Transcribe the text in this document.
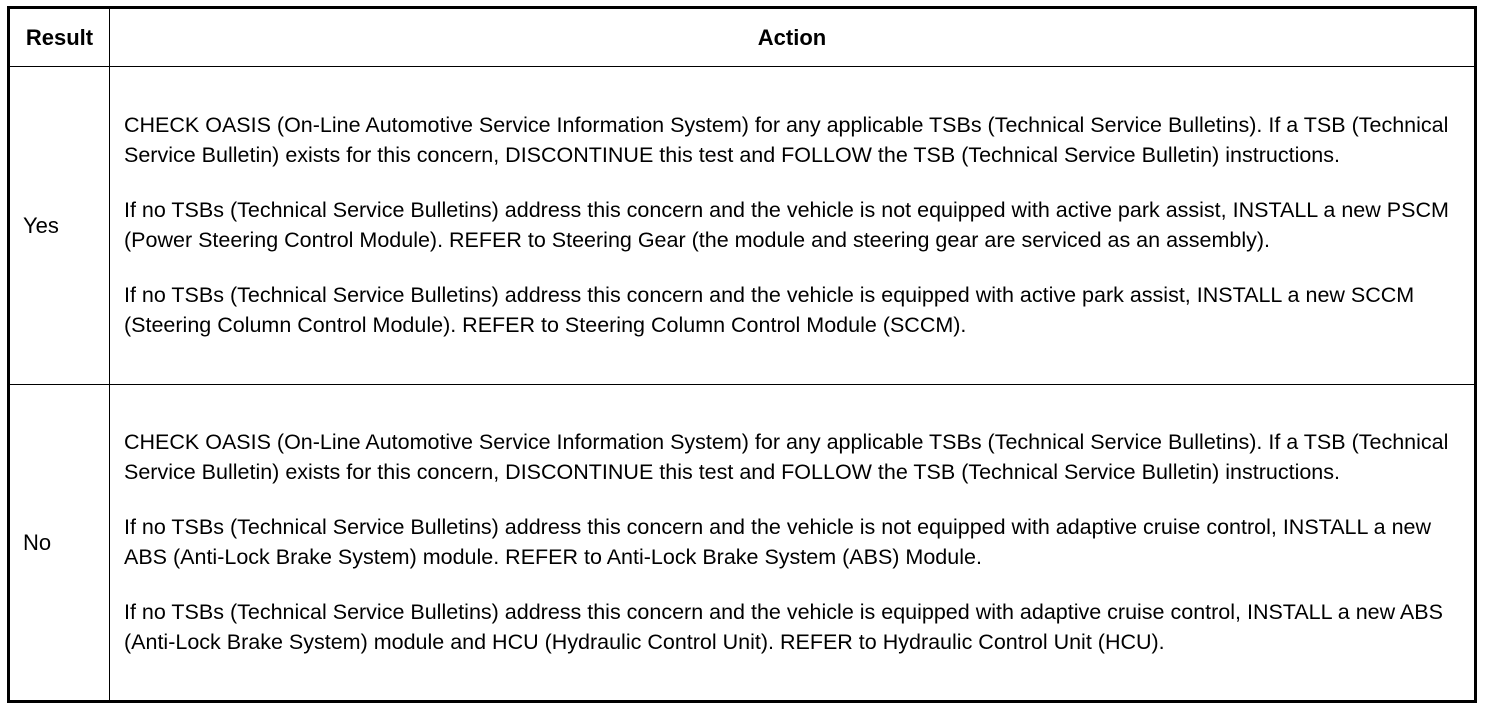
Result	Action
Yes	CHECK OASIS (On-Line Automotive Service Information System) for any applicable TSBs (Technical Service Bulletins). If a TSB (Technical Service Bulletin) exists for this concern, DISCONTINUE this test and FOLLOW the TSB (Technical Service Bulletin) instructions.

If no TSBs (Technical Service Bulletins) address this concern and the vehicle is not equipped with active park assist, INSTALL a new PSCM (Power Steering Control Module). REFER to Steering Gear (the module and steering gear are serviced as an assembly).

If no TSBs (Technical Service Bulletins) address this concern and the vehicle is equipped with active park assist, INSTALL a new SCCM (Steering Column Control Module). REFER to Steering Column Control Module (SCCM).

No	CHECK OASIS (On-Line Automotive Service Information System) for any applicable TSBs (Technical Service Bulletins). If a TSB (Technical Service Bulletin) exists for this concern, DISCONTINUE this test and FOLLOW the TSB (Technical Service Bulletin) instructions.

If no TSBs (Technical Service Bulletins) address this concern and the vehicle is not equipped with adaptive cruise control, INSTALL a new ABS (Anti-Lock Brake System) module. REFER to Anti-Lock Brake System (ABS) Module.

If no TSBs (Technical Service Bulletins) address this concern and the vehicle is equipped with adaptive cruise control, INSTALL a new ABS (Anti-Lock Brake System) module and HCU (Hydraulic Control Unit). REFER to Hydraulic Control Unit (HCU).
